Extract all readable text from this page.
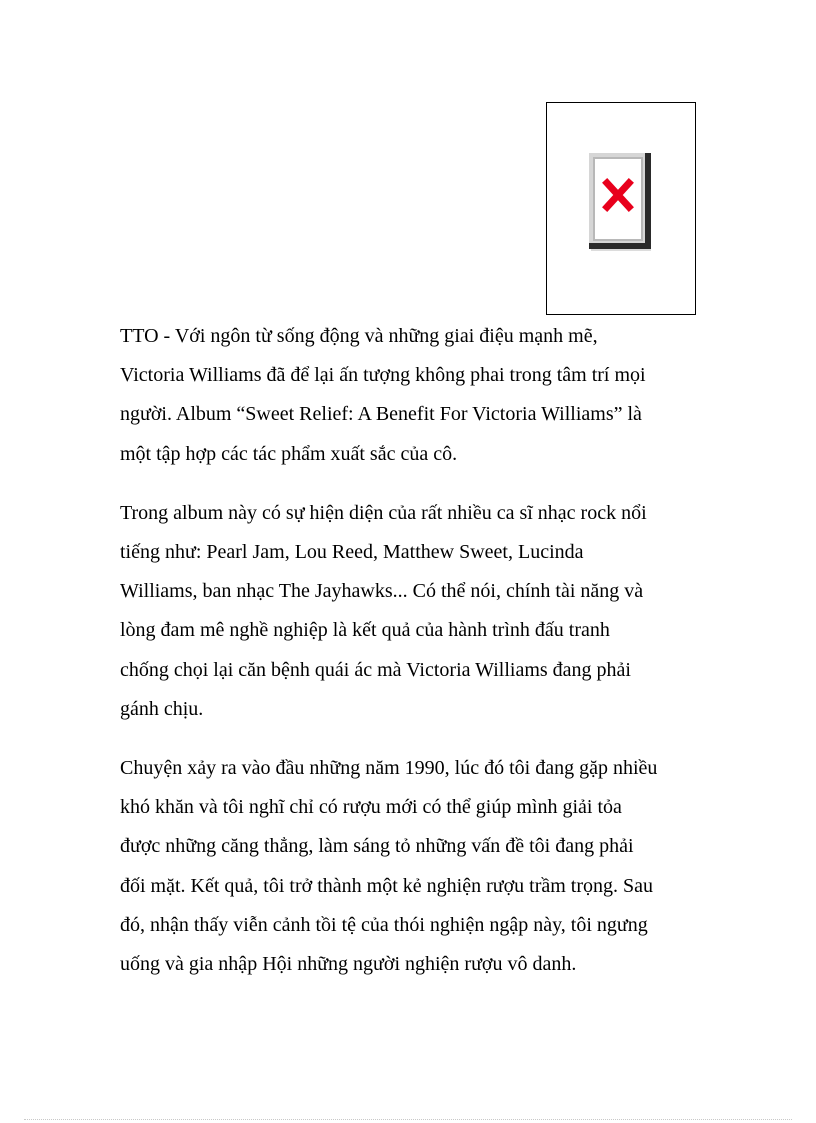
TTO - Với ngôn từ sống động và những giai điệu mạnh mẽ,
Victoria Williams đã để lại ấn tượng không phai trong tâm trí mọi
người. Album “Sweet Relief: A Benefit For Victoria Williams” là
một tập hợp các tác phẩm xuất sắc của cô.

Trong album này có sự hiện diện của rất nhiều ca sĩ nhạc rock nổi
tiếng như: Pearl Jam, Lou Reed, Matthew Sweet, Lucinda
Williams, ban nhạc The Jayhawks... Có thể nói, chính tài năng và
lòng đam mê nghề nghiệp là kết quả của hành trình đấu tranh
chống chọi lại căn bệnh quái ác mà Victoria Williams đang phải
gánh chịu.

Chuyện xảy ra vào đầu những năm 1990, lúc đó tôi đang gặp nhiều
khó khăn và tôi nghĩ chỉ có rượu mới có thể giúp mình giải tỏa
được những căng thẳng, làm sáng tỏ những vấn đề tôi đang phải
đối mặt. Kết quả, tôi trở thành một kẻ nghiện rượu trầm trọng. Sau
đó, nhận thấy viễn cảnh tồi tệ của thói nghiện ngập này, tôi ngưng
uống và gia nhập Hội những người nghiện rượu vô danh.
